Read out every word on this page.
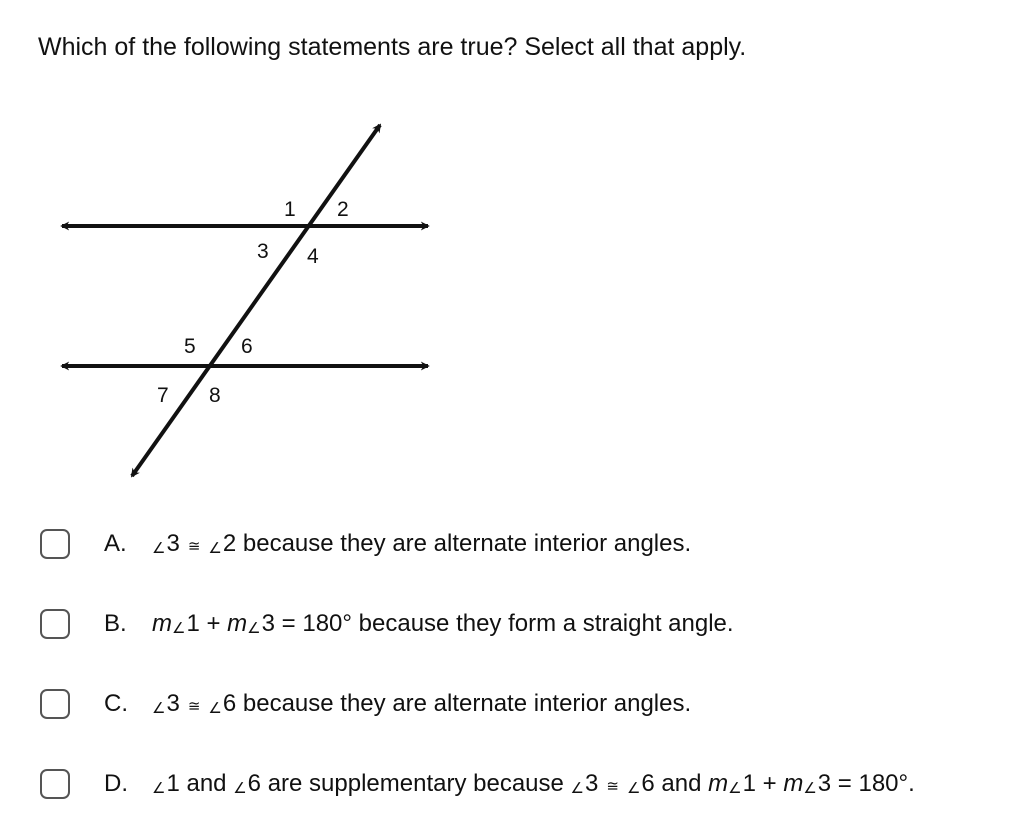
Which of the following statements are true? Select all that apply.
1 2
3 4
5 6
7 8
A.	∠3 ≅ ∠2 because they are alternate interior angles.
B.	m∠1 + m∠3 = 180° because they form a straight angle.
C.	∠3 ≅ ∠6 because they are alternate interior angles.
D.	∠1 and ∠6 are supplementary because ∠3 ≅ ∠6 and m∠1 + m∠3 = 180°.
